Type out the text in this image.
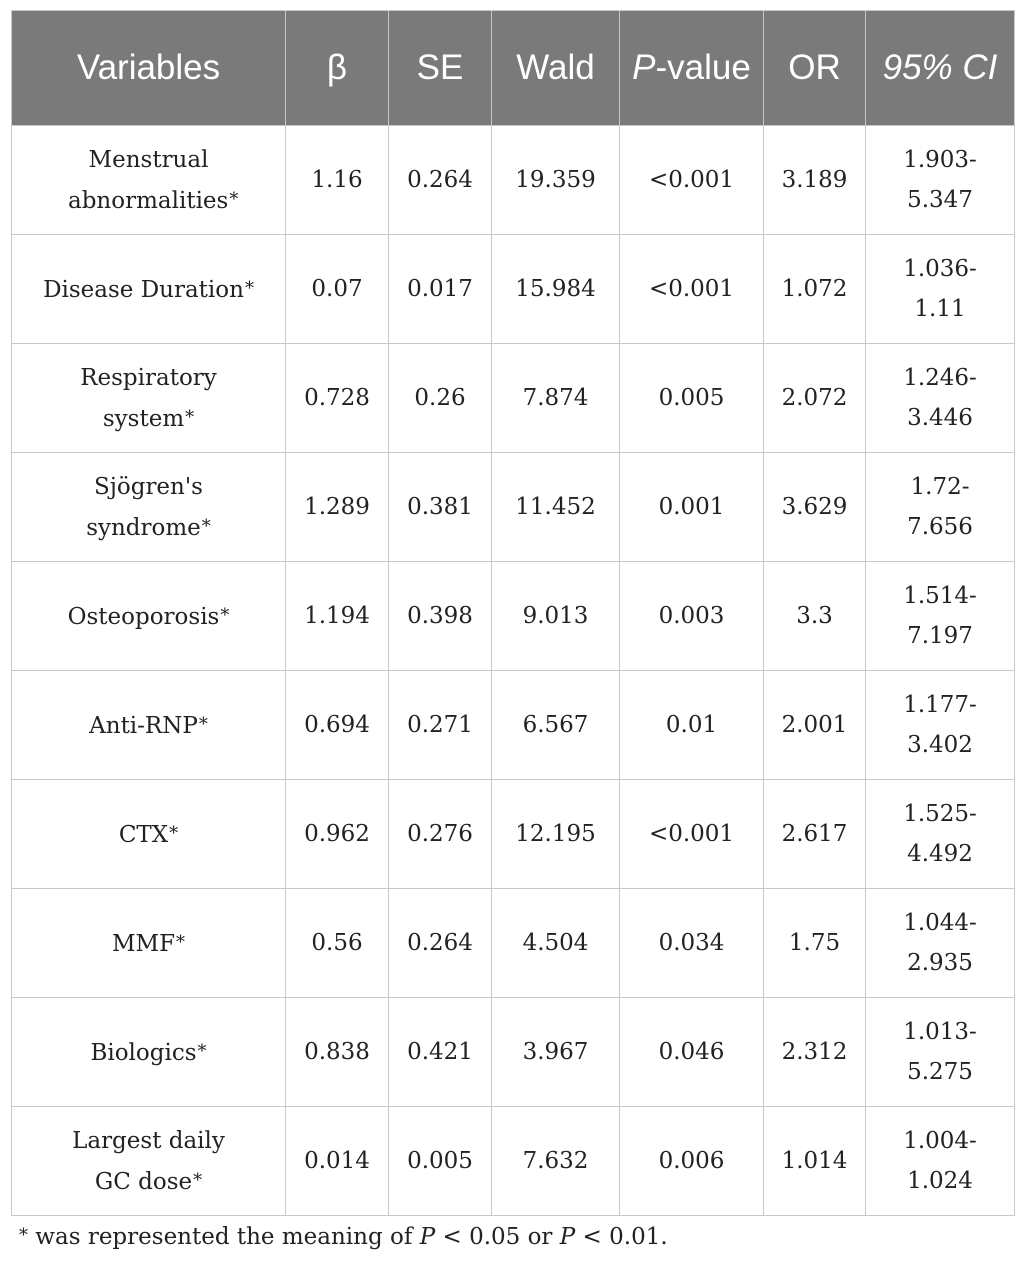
Variables	β	SE	Wald	P-value	OR	95% CI
Menstrual abnormalities*	1.16	0.264	19.359	<0.001	3.189	1.903-
5.347

Disease Duration*	0.07	0.017	15.984	<0.001	1.072	1.036-
1.11

Respiratory system*	0.728	0.26	7.874	0.005	2.072	1.246-
3.446

Sjögren's syndrome*	1.289	0.381	11.452	0.001	3.629	1.72-
7.656

Osteoporosis*	1.194	0.398	9.013	0.003	3.3	1.514-
7.197

Anti-RNP*	0.694	0.271	6.567	0.01	2.001	1.177-
3.402

CTX*	0.962	0.276	12.195	<0.001	2.617	1.525-
4.492

MMF*	0.56	0.264	4.504	0.034	1.75	1.044-
2.935

Biologics*	0.838	0.421	3.967	0.046	2.312	1.013-
5.275

Largest daily GC dose*	0.014	0.005	7.632	0.006	1.014	1.004-
1.024
* was represented the meaning of P < 0.05 or P < 0.01.
